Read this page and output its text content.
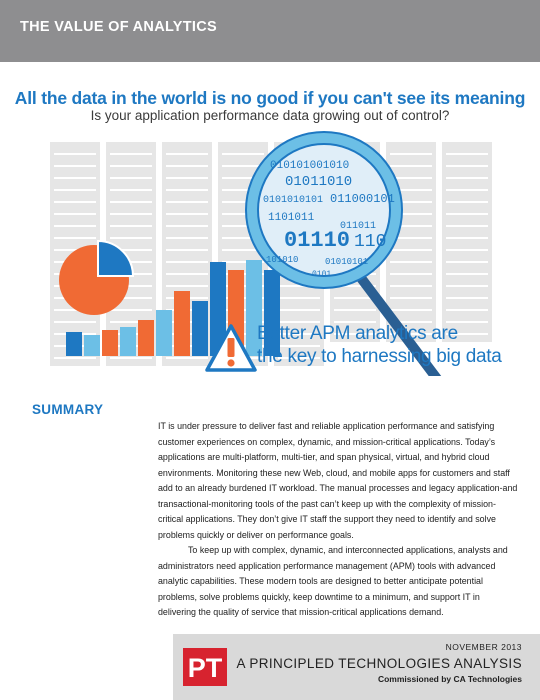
THE VALUE OF ANALYTICS
All the data in the world is no good if you can't see its meaning
Is your application performance data growing out of control?
010101001010
01011010
0101010101 011000101
1101011
01110
011011
101010	01010101
110
0101
Better APM analytics are
the key to harnessing big data
SUMMARY

IT is under pressure to deliver fast and reliable application performance and satisfying customer experiences on complex, dynamic, and mission-critical applications. Today’s applications are multi-platform, multi-tier, and span physical, virtual, and hybrid cloud environments. Monitoring these new Web, cloud, and mobile apps for customers and staff add to an already burdened IT workload. The manual processes and legacy application-and transactional-monitoring tools of the past can’t keep up with the complexity of mission-critical applications. They don’t give IT staff the support they need to identify and solve problems quickly or deliver on performance goals.

To keep up with complex, dynamic, and interconnected applications, analysts and administrators need application performance management (APM) tools with advanced analytic capabilities. These modern tools are designed to better anticipate potential problems, solve problems quickly, keep downtime to a minimum, and support IT in delivering the quality of service that mission-critical applications demand.

PT
NOVEMBER 2013
A PRINCIPLED TECHNOLOGIES ANALYSIS
Commissioned by CA Technologies
